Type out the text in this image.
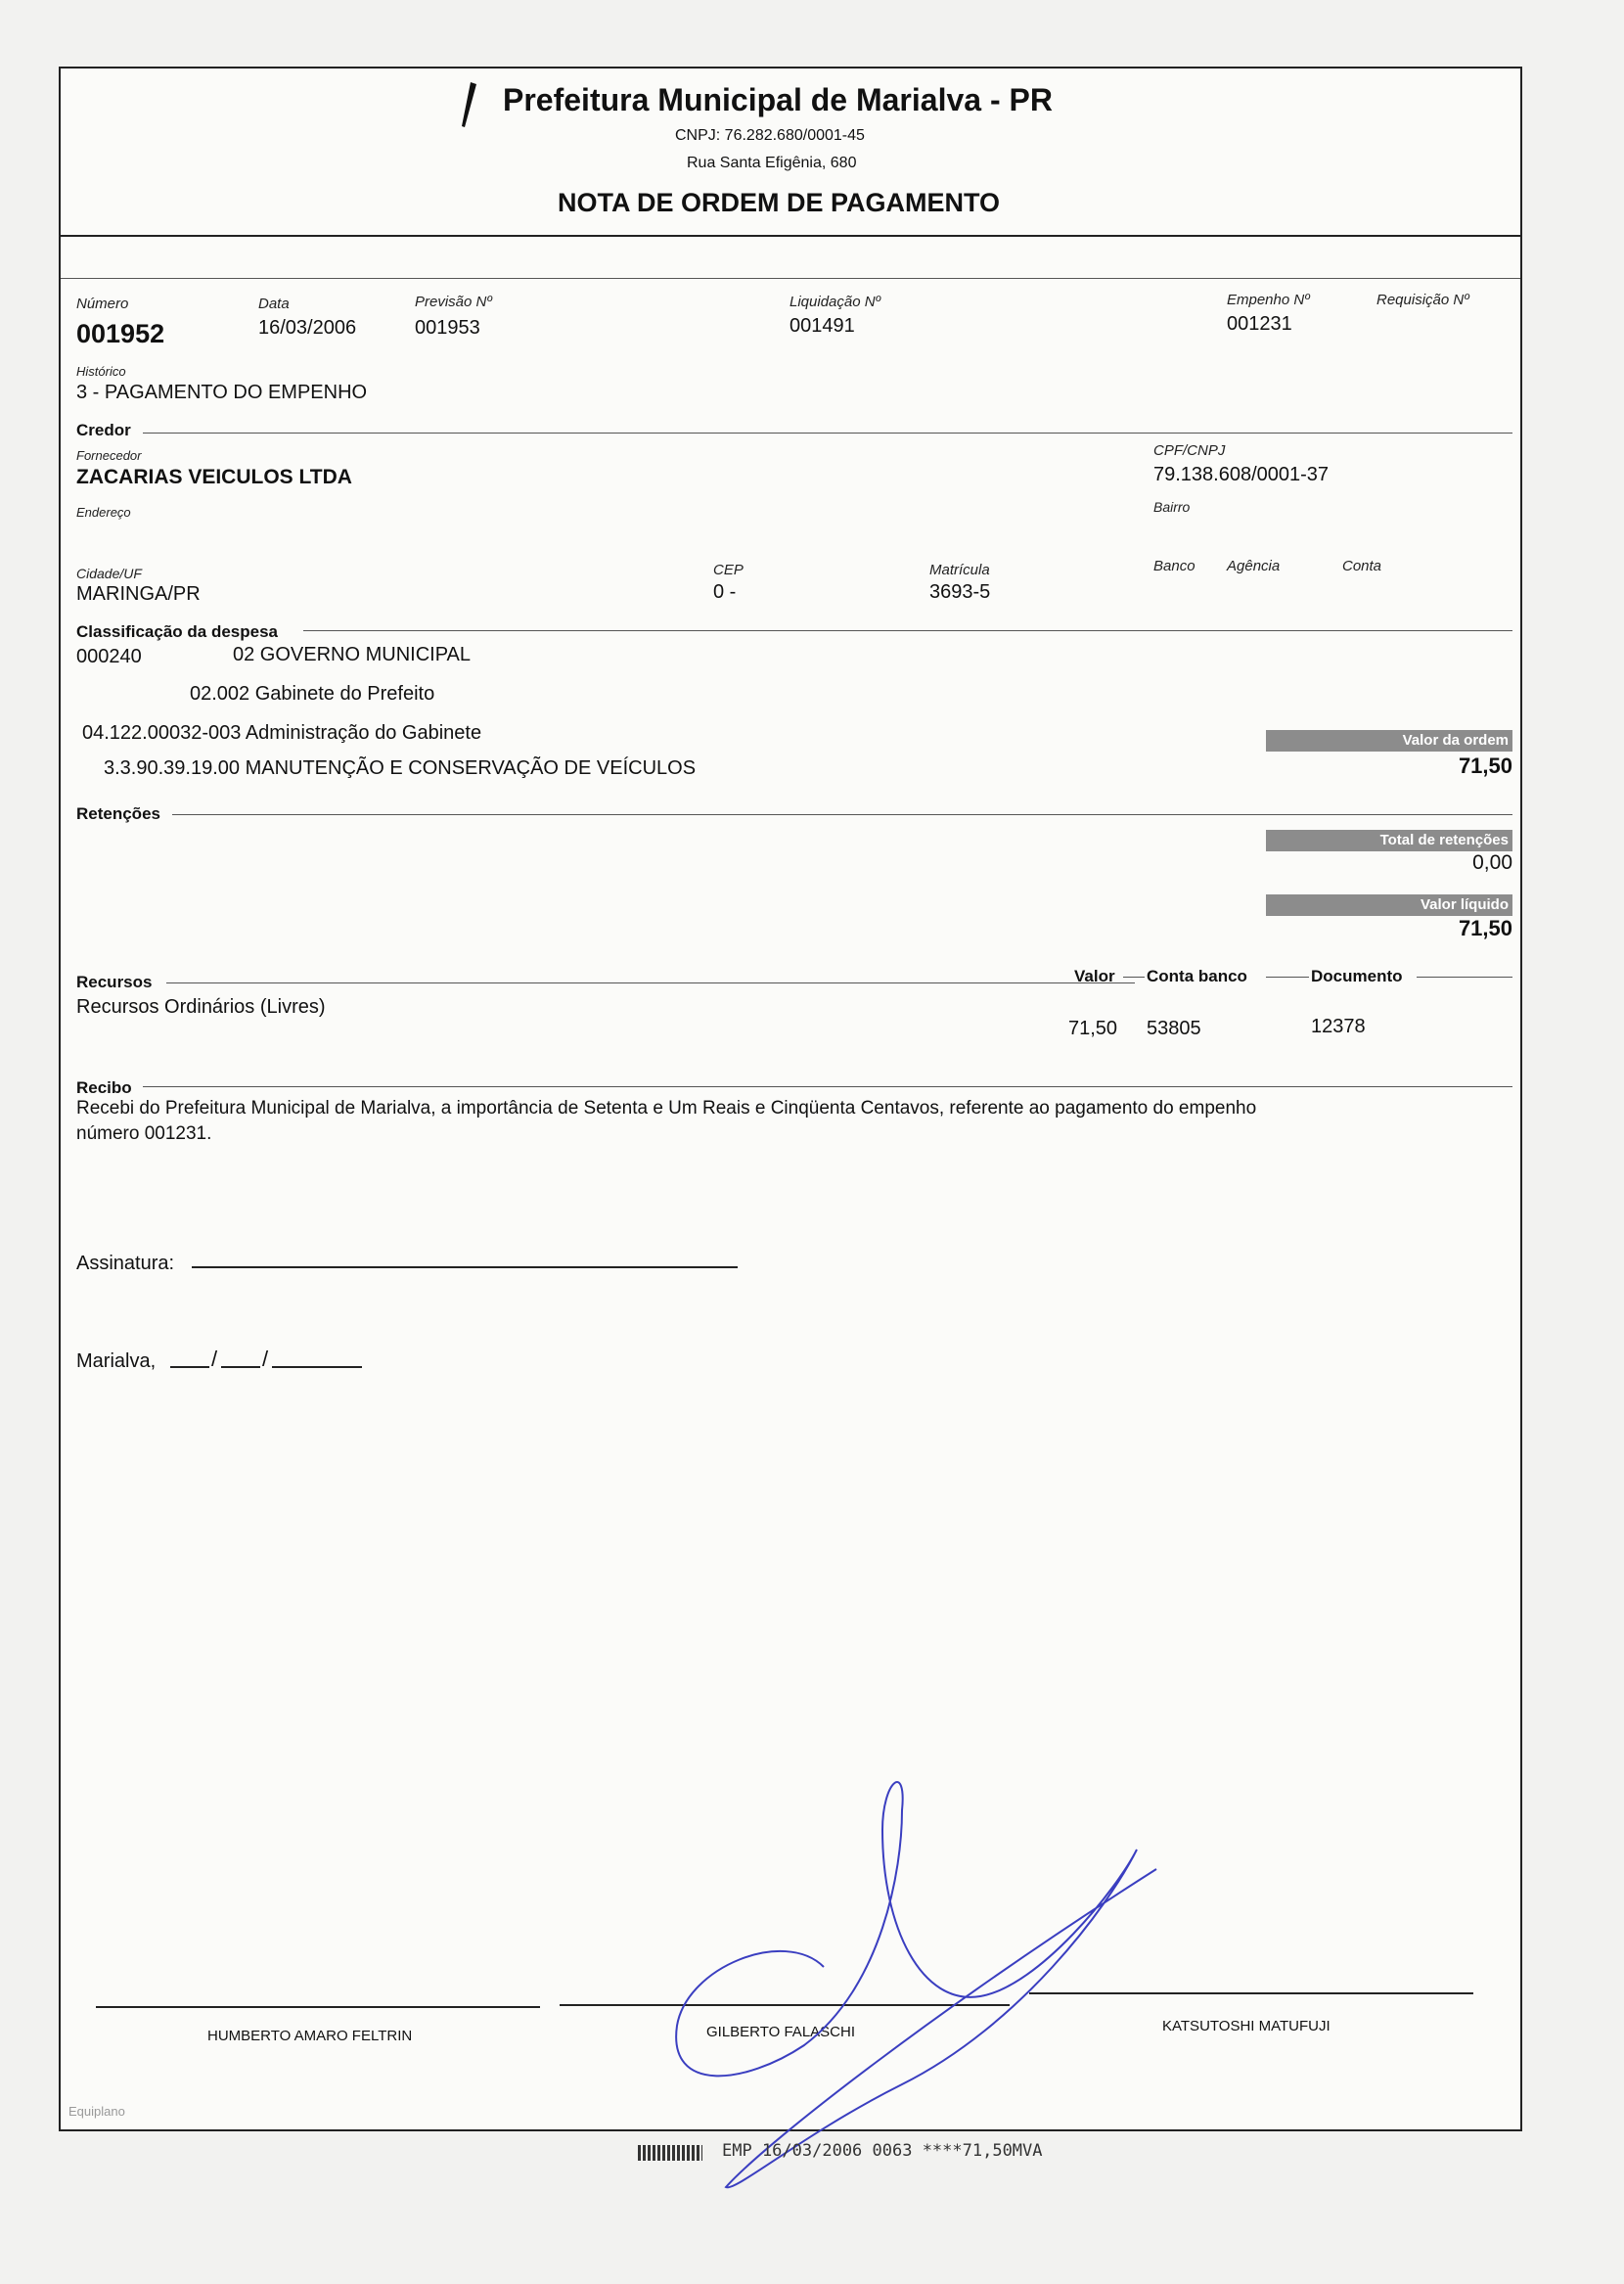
Prefeitura Municipal de Marialva - PR
CNPJ: 76.282.680/0001-45
Rua Santa Efigênia, 680
NOTA DE ORDEM DE PAGAMENTO
Número
001952
Data
16/03/2006
Previsão Nº
001953
Liquidação Nº
001491
Empenho Nº
001231
Requisição Nº
Histórico
3 - PAGAMENTO DO EMPENHO
Credor
Fornecedor
ZACARIAS VEICULOS LTDA
CPF/CNPJ
79.138.608/0001-37
Endereço	Bairro
Cidade/UF
MARINGA/PR
CEP
0 -
Matrícula
3693-5
Banco Agência	Conta
Classificação da despesa
000240	02 GOVERNO MUNICIPAL
02.002 Gabinete do Prefeito
04.122.00032-003 Administração do Gabinete
3.3.90.39.19.00 MANUTENÇÃO E CONSERVAÇÃO DE VEÍCULOS
Valor da ordem
71,50
Retenções
Total de retenções
0,00
Valor líquido
71,50
Recursos	Valor Conta banco	Documento
Recursos Ordinários (Livres)
71,50 53805	12378
Recibo
Recebi do Prefeitura Municipal de Marialva, a importância de Setenta e Um Reais e Cinqüenta Centavos, referente ao pagamento do empenho
número 001231.
Assinatura:
Marialva,	/ /
HUMBERTO AMARO FELTRIN	GILBERTO FALASCHI	KATSUTOSHI MATUFUJI
Equiplano
EMP 16/03/2006 0063 ****71,50MVA
